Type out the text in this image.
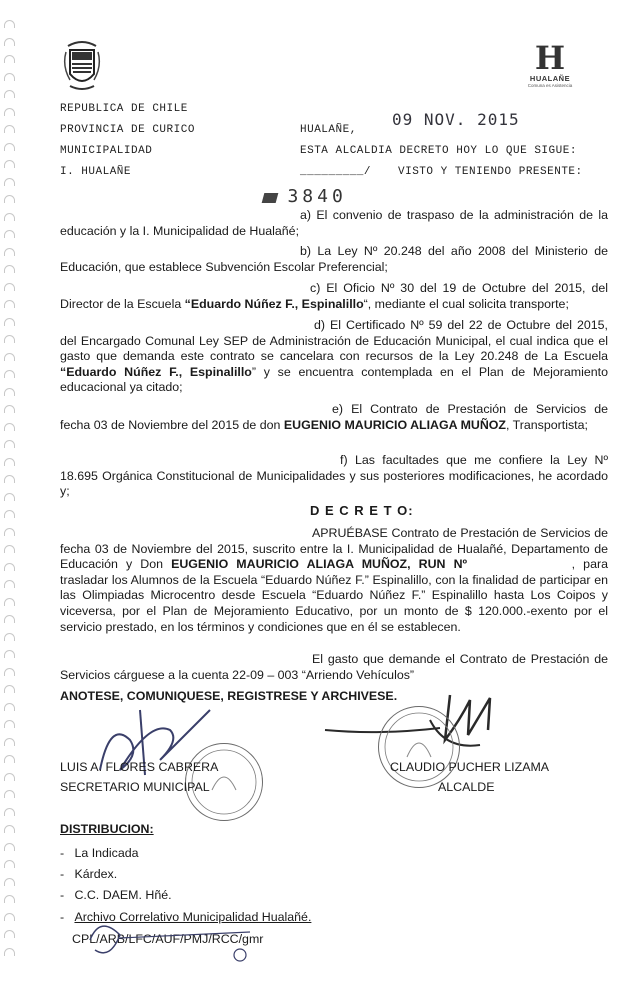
H
HUALAÑE
Comuna es Asistencia
REPUBLICA DE CHILE
PROVINCIA DE CURICO
MUNICIPALIDAD
I. HUALAÑE
HUALAÑE,
09 NOV. 2015
ESTA ALCALDIA DECRETO HOY LO QUE SIGUE:
_________/ VISTO Y TENIENDO PRESENTE:
3840
a) El convenio de traspaso de la administración de la educación y la I. Municipalidad de Hualañé;
b) La Ley Nº 20.248 del año 2008 del Ministerio de Educación, que establece Subvención Escolar Preferencial;
c) El Oficio Nº 30 del 19 de Octubre del 2015, del Director de la Escuela “Eduardo Núñez F., Espinalillo“, mediante el cual solicita transporte;
d) El Certificado Nº 59 del 22 de Octubre del 2015, del Encargado Comunal Ley SEP de Administración de Educación Municipal, el cual indica que el gasto que demanda este contrato se cancelara con recursos de la Ley 20.248 de La Escuela “Eduardo Núñez F., Espinalillo” y se encuentra contemplada en el Plan de Mejoramiento educacional ya citado;
e) El Contrato de Prestación de Servicios de fecha 03 de Noviembre del 2015 de don EUGENIO MAURICIO ALIAGA MUÑOZ, Transportista;
f) Las facultades que me confiere la Ley Nº 18.695 Orgánica Constitucional de Municipalidades y sus posteriores modificaciones, he acordado y;
D E C R E T O:
APRUÉBASE Contrato de Prestación de Servicios de fecha 03 de Noviembre del 2015, suscrito entre la I. Municipalidad de Hualañé, Departamento de Educación y Don EUGENIO MAURICIO ALIAGA MUÑOZ, RUN Nº ______________, para trasladar los Alumnos de la Escuela “Eduardo Núñez F.” Espinalillo, con la finalidad de participar en las Olimpiadas Microcentro desde Escuela “Eduardo Núñez F.” Espinalillo hasta Los Coipos y viceversa, por el Plan de Mejoramiento Educativo, por un monto de $ 120.000.-exento por el servicio prestado, en los términos y condiciones que en él se establecen.
El gasto que demande el Contrato de Prestación de Servicios cárguese a la cuenta 22-09 – 003 “Arriendo Vehículos”
ANOTESE, COMUNIQUESE, REGISTRESE Y ARCHIVESE.
LUIS A. FLORES CABRERA
SECRETARIO MUNICIPAL
CLAUDIO PUCHER LIZAMA
ALCALDE
DISTRIBUCION:
-   La Indicada
-   Kárdex.
-   C.C. DAEM. Hñé.
-   Archivo Correlativo Municipalidad Hualañé.
CPL/ARB/LFC/AUF/PMJ/RCC/gmr
